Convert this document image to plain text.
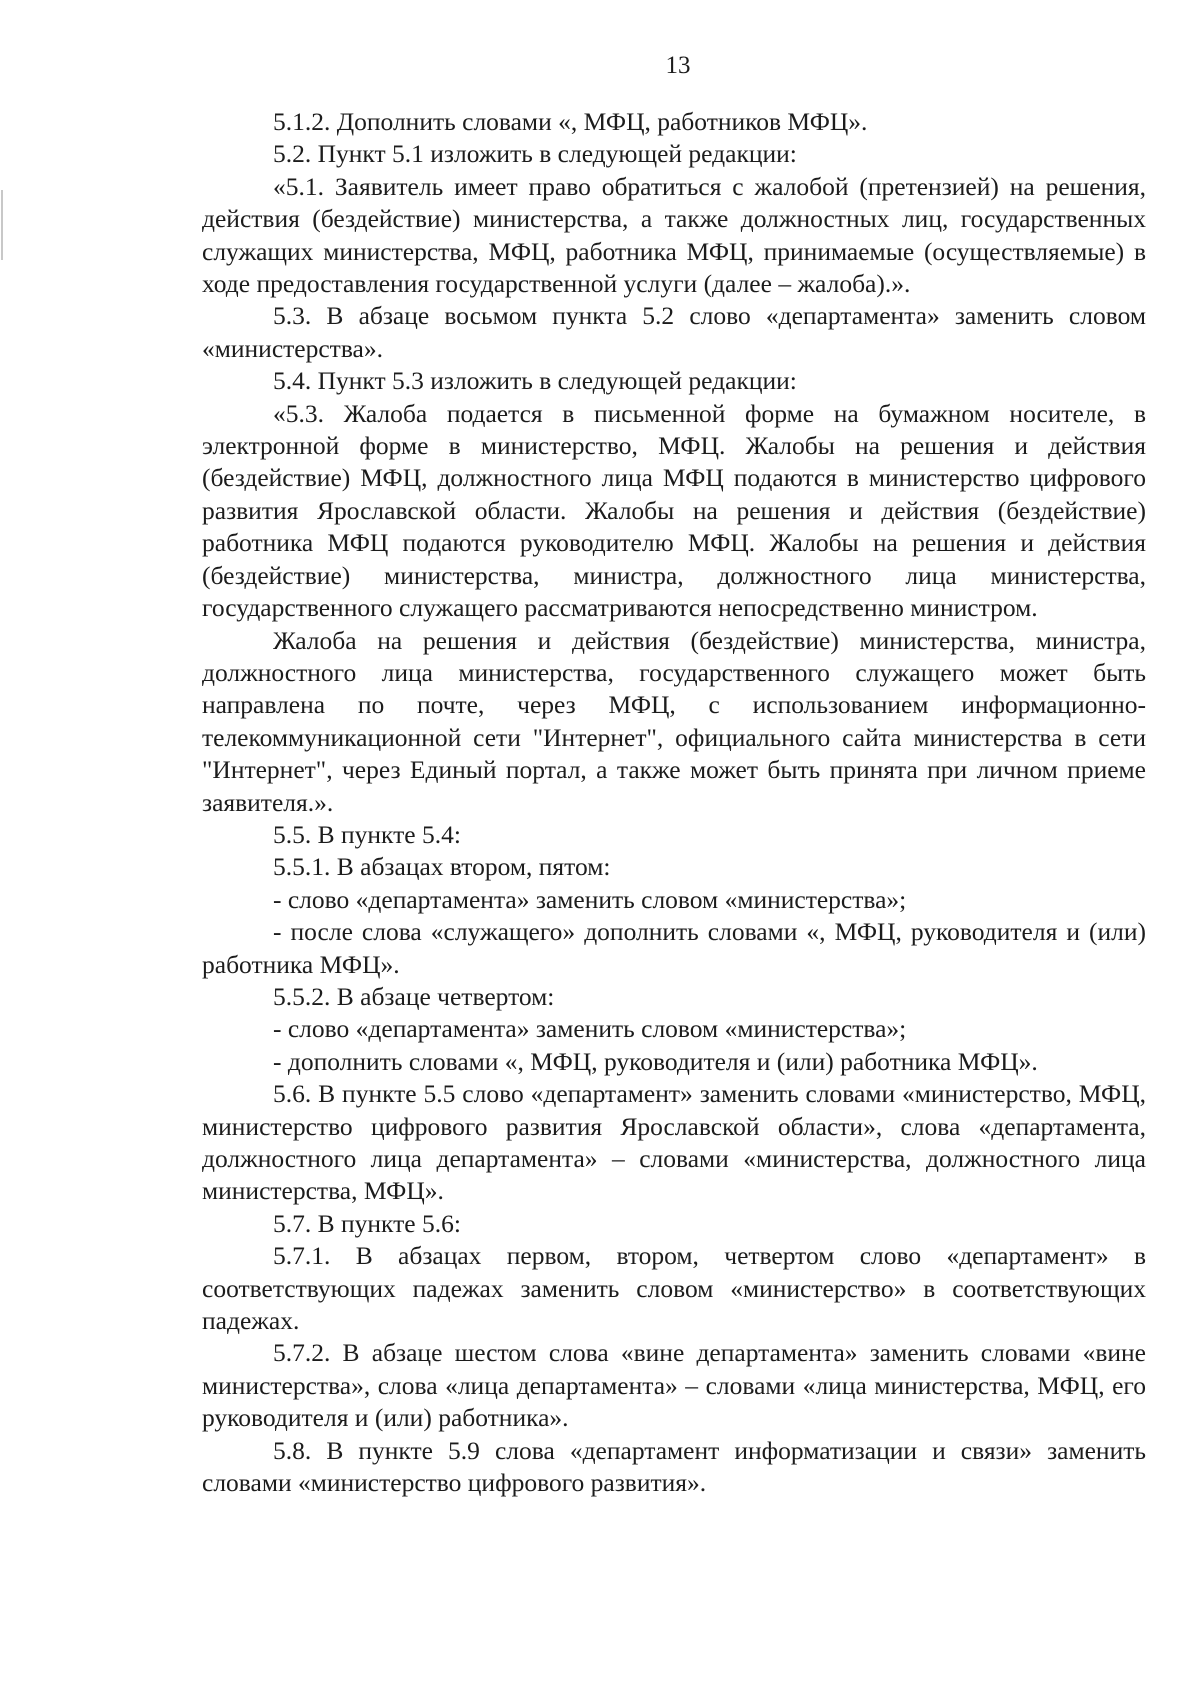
13

5.1.2. Дополнить словами «, МФЦ, работников МФЦ».

5.2. Пункт 5.1 изложить в следующей редакции:

«5.1. Заявитель имеет право обратиться с жалобой (претензией) на решения, действия (бездействие) министерства, а также должностных лиц, государственных служащих министерства, МФЦ, работника МФЦ, принимаемые (осуществляемые) в ходе предоставления государственной услуги (далее – жалоба).».

5.3. В абзаце восьмом пункта 5.2 слово «департамента» заменить словом «министерства».

5.4. Пункт 5.3 изложить в следующей редакции:

«5.3. Жалоба подается в письменной форме на бумажном носителе, в электронной форме в министерство, МФЦ. Жалобы на решения и действия (бездействие) МФЦ, должностного лица МФЦ подаются в министерство цифрового развития Ярославской области. Жалобы на решения и действия (бездействие) работника МФЦ подаются руководителю МФЦ. Жалобы на решения и действия (бездействие) министерства, министра, должностного лица министерства, государственного служащего рассматриваются непосредственно министром.

Жалоба на решения и действия (бездействие) министерства, министра, должностного лица министерства, государственного служащего может быть направлена по почте, через МФЦ, с использованием информационно-телекоммуникационной сети "Интернет", официального сайта министерства в сети "Интернет", через Единый портал, а также может быть принята при личном приеме заявителя.».

5.5. В пункте 5.4:

5.5.1. В абзацах втором, пятом:

- слово «департамента» заменить словом «министерства»;

- после слова «служащего» дополнить словами «, МФЦ, руководителя и (или) работника МФЦ».

5.5.2. В абзаце четвертом:

- слово «департамента» заменить словом «министерства»;

- дополнить словами «, МФЦ, руководителя и (или) работника МФЦ».

5.6. В пункте 5.5 слово «департамент» заменить словами «министерство, МФЦ, министерство цифрового развития Ярославской области», слова «департамента, должностного лица департамента» – словами «министерства, должностного лица министерства, МФЦ».

5.7. В пункте 5.6:

5.7.1. В абзацах первом, втором, четвертом слово «департамент» в соответствующих падежах заменить словом «министерство» в соответствующих падежах.

5.7.2. В абзаце шестом слова «вине департамента» заменить словами «вине министерства», слова «лица департамента» – словами «лица министерства, МФЦ, его руководителя и (или) работника».

5.8. В пункте 5.9 слова «департамент информатизации и связи» заменить словами «министерство цифрового развития».
